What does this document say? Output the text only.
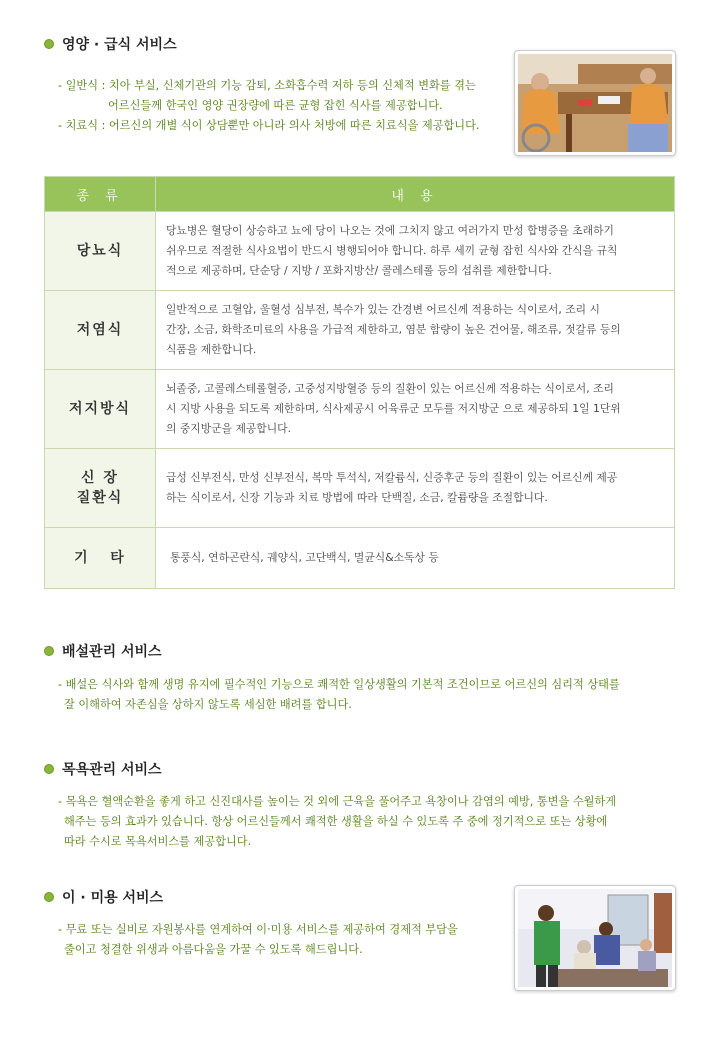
영양 · 급식 서비스
- 일반식 : 치아 부실, 신체기관의 기능 감퇴, 소화흡수력 저하 등의 신체적 변화를 겪는
어르신들께 한국인 영양 권장량에 따른 균형 잡힌 식사를 제공합니다.
- 치료식 : 어르신의 개별 식이 상담뿐만 아니라 의사 처방에 따른 치료식을 제공합니다.
종 류	내 용
당뇨식	당뇨병은 혈당이 상승하고 뇨에 당이 나오는 것에 그치지 않고 여러가지 만성 합병증을 초래하기
쉬우므로 적절한 식사요법이 반드시 병행되어야 합니다. 하루 세끼 균형 잡힌 식사와 간식을 규칙
적으로 제공하며, 단순당 / 지방 / 포화지방산/ 콜레스테롤 등의 섭취를 제한합니다.

저염식	일반적으로 고혈압, 울혈성 심부전, 복수가 있는 간경변 어르신께 적용하는 식이로서, 조리 시
간장, 소금, 화학조미료의 사용을 가급적 제한하고, 염분 함량이 높은 건어물, 해조류, 젓갈류 등의
식품을 제한합니다.

저지방식	뇌졸중, 고콜레스테롤혈증, 고중성지방혈증 등의 질환이 있는 어르신께 적용하는 식이로서, 조리
시 지방 사용을 되도록 제한하며, 식사제공시 어육류군 모두를 저지방군 으로 제공하되 1일 1단위
의 중지방군을 제공합니다.

신 장
질환식	급성 신부전식, 만성 신부전식, 복막 투석식, 저칼륨식, 신증후군 등의 질환이 있는 어르신께 제공
하는 식이로서, 신장 기능과 치료 방법에 따라 단백질, 소금, 칼륨량을 조절합니다.

기   타	통풍식, 연하곤란식, 궤양식, 고단백식, 멸균식&소독상 등
배설관리 서비스
- 배설은 식사와 함께 생명 유지에 필수적인 기능으로 쾌적한 일상생활의 기본적 조건이므로 어르신의 심리적 상태를
잘 이해하여 자존심을 상하지 않도록 세심한 배려를 합니다.
목욕관리 서비스
- 목욕은 혈액순환을 좋게 하고 신진대사를 높이는 것 외에 근육을 풀어주고 욕창이나 감염의 예방, 통변을 수월하게
해주는 등의 효과가 있습니다. 항상 어르신들께서 쾌적한 생활을 하실 수 있도록 주 중에 정기적으로 또는 상황에
따라 수시로 목욕서비스를 제공합니다.
이 · 미용 서비스
- 무료 또는 실비로 자원봉사를 연계하여 이·미용 서비스를 제공하여 경제적 부담을
줄이고 청결한 위생과 아름다움을 가꿀 수 있도록 해드립니다.
